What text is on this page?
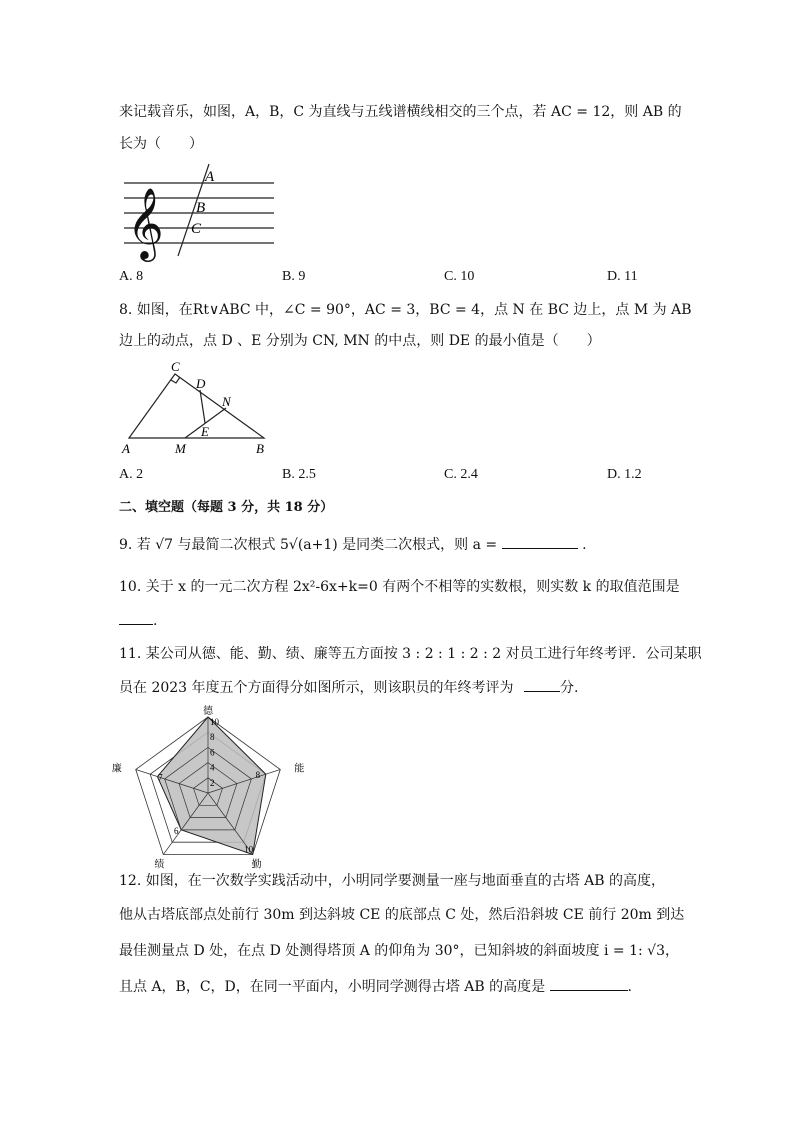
来记载音乐，如图，A，B，C 为直线与五线谱横线相交的三个点，若 AC = 12，则 AB 的
长为（　　）
𝄞
A
B
C
A. 8	B. 9	C. 10	D. 11
8. 如图，在Rt∨ABC 中，∠C = 90°，AC = 3，BC = 4，点 N 在 BC 边上，点 M 为 AB
边上的动点，点 D 、E 分别为 CN, MN 的中点，则 DE 的最小值是（　　）
C
D
N
E
A	M	B
A. 2	B. 2.5	C. 2.4	D. 1.2
二、填空题（每题 3 分，共 18 分）
9. 若 √7 与最简二次根式 5√(a+1) 是同类二次根式，则 a =	.
10. 关于 x 的一元二次方程 2x²-6x+k=0 有两个不相等的实数根，则实数 k 的取值范围是
.
11. 某公司从德、能、勤、绩、廉等五方面按 3 : 2 : 1 : 2 : 2 对员工进行年终考评．公司某职
员在 2023 年度五个方面得分如图所示，则该职员的年终考评为	分.
德
能
勤
绩
廉
10
8
6
4
2
8
10
6
7
12. 如图，在一次数学实践活动中，小明同学要测量一座与地面垂直的古塔 AB 的高度，
他从古塔底部点处前行 30m 到达斜坡 CE 的底部点 C 处，然后沿斜坡 CE 前行 20m 到达
最佳测量点 D 处，在点 D 处测得塔顶 A 的仰角为 30°，已知斜坡的斜面坡度 i = 1: √3，
且点 A，B，C，D，在同一平面内，小明同学测得古塔 AB 的高度是	.
